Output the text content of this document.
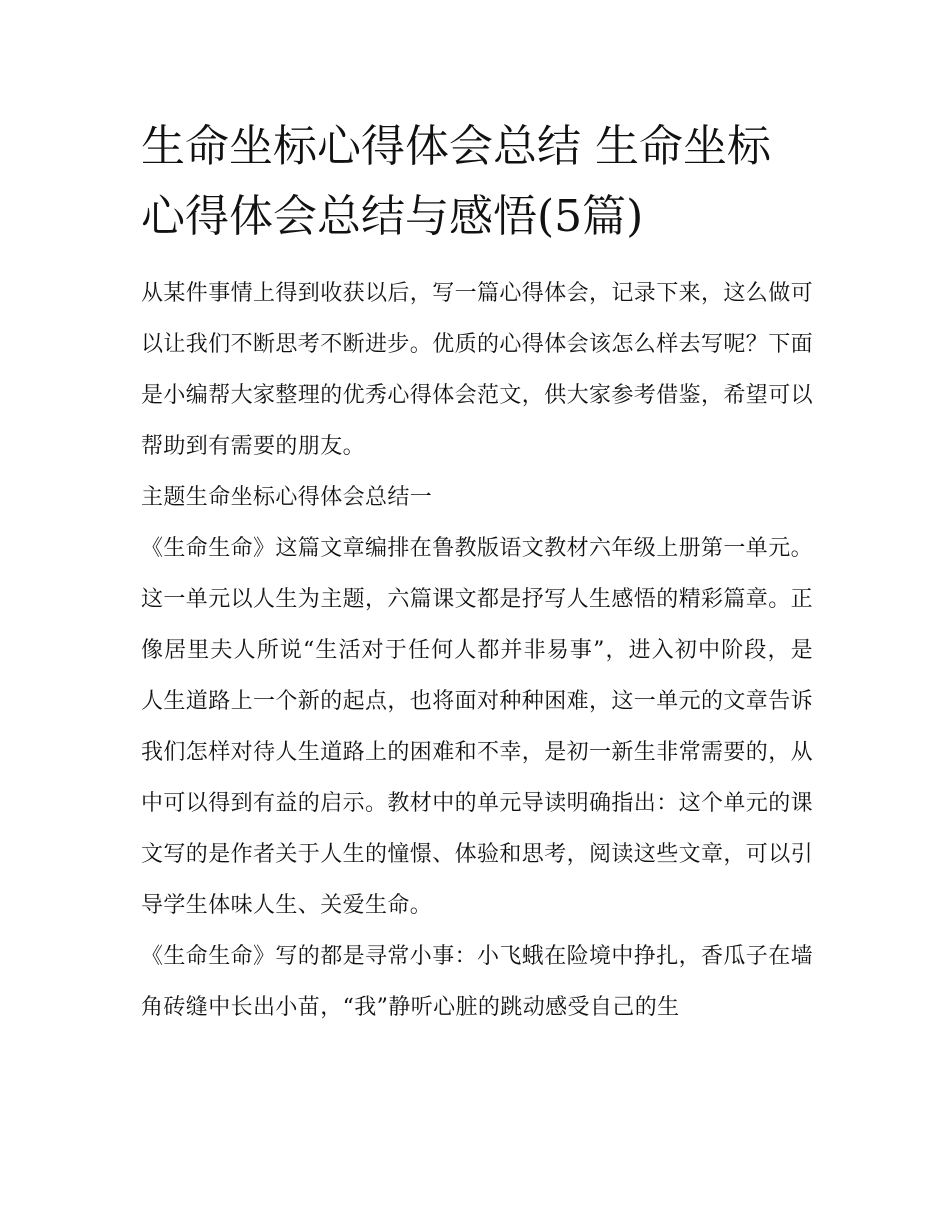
生命坐标心得体会总结 生命坐标心得体会总结与感悟(5篇)

从某件事情上得到收获以后，写一篇心得体会，记录下来，这么做可以让我们不断思考不断进步。优质的心得体会该怎么样去写呢？下面是小编帮大家整理的优秀心得体会范文，供大家参考借鉴，希望可以帮助到有需要的朋友。

主题生命坐标心得体会总结一

《生命生命》这篇文章编排在鲁教版语文教材六年级上册第一单元。这一单元以人生为主题，六篇课文都是抒写人生感悟的精彩篇章。正像居里夫人所说“生活对于任何人都并非易事”，进入初中阶段，是人生道路上一个新的起点，也将面对种种困难，这一单元的文章告诉我们怎样对待人生道路上的困难和不幸，是初一新生非常需要的，从中可以得到有益的启示。教材中的单元导读明确指出：这个单元的课文写的是作者关于人生的憧憬、体验和思考，阅读这些文章，可以引导学生体味人生、关爱生命。

《生命生命》写的都是寻常小事：小飞蛾在险境中挣扎，香瓜子在墙角砖缝中长出小苗，“我”静听心脏的跳动感受自己的生
